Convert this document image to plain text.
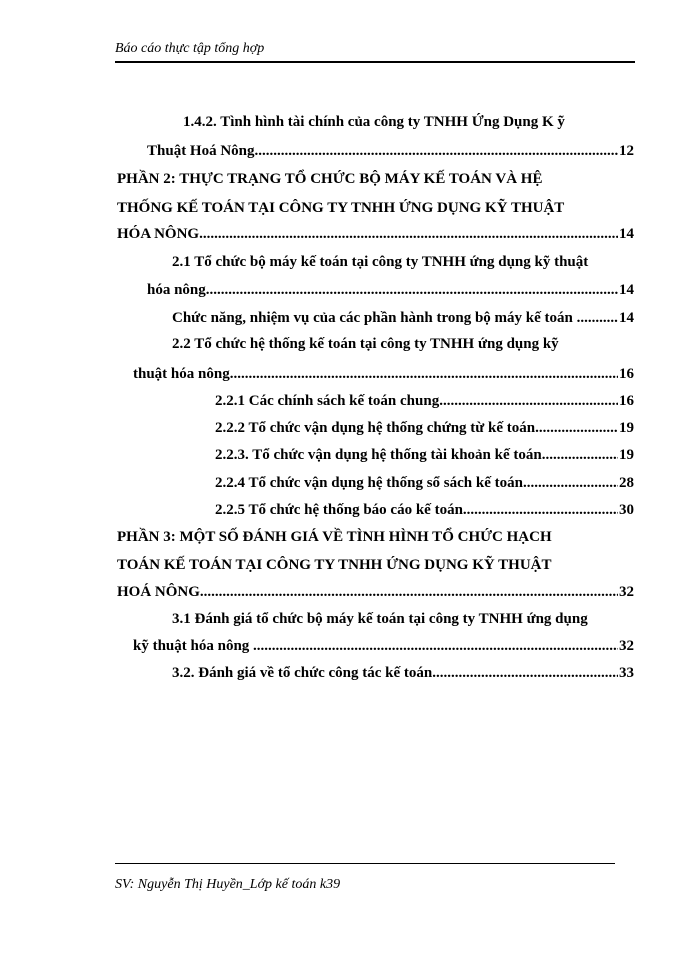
Báo cáo thực tập tổng hợp
1.4.2. Tình hình tài chính của công ty TNHH Ứng Dụng K ỹ
Thuật Hoá Nông. .....	12
PHẦN 2: THỰC TRẠNG TỔ CHỨC BỘ MÁY KẾ TOÁN VÀ HỆ
THỐNG KẾ TOÁN TẠI CÔNG TY TNHH ỨNG DỤNG KỸ THUẬT
HÓA NÔNG .....	14
2.1 Tổ chức bộ máy kế toán tại công ty TNHH ứng dụng kỹ thuật
hóa nông .....	14
Chức năng, nhiệm vụ của các phần hành trong bộ máy kế toán . .....	14
2.2 Tổ chức hệ thống kế toán tại công ty TNHH ứng dụng kỹ
thuật hóa nông .....	16
2.2.1 Các chính sách kế toán chung .....	16
2.2.2 Tổ chức vận dụng hệ thống chứng từ kế toán .....	19
2.2.3. Tổ chức vận dụng hệ thống tài khoản kế toán .....	19
2.2.4 Tổ chức vận dụng hệ thống sổ sách kế toán .....	28
2.2.5 Tổ chức hệ thống báo cáo kế toán .....	30
PHẦN 3: MỘT SỐ ĐÁNH GIÁ VỀ TÌNH HÌNH TỔ CHỨC HẠCH
TOÁN KẾ TOÁN TẠI CÔNG TY TNHH ỨNG DỤNG KỸ THUẬT
HOÁ NÔNG .....	32
3.1 Đánh giá tổ chức bộ máy kế toán tại công ty TNHH ứng dụng
kỹ thuật hóa nông . .....	32
3.2. Đánh giá về tổ chức công tác kế toán .....	33
SV: Nguyễn Thị Huyền_Lớp kế toán k39
